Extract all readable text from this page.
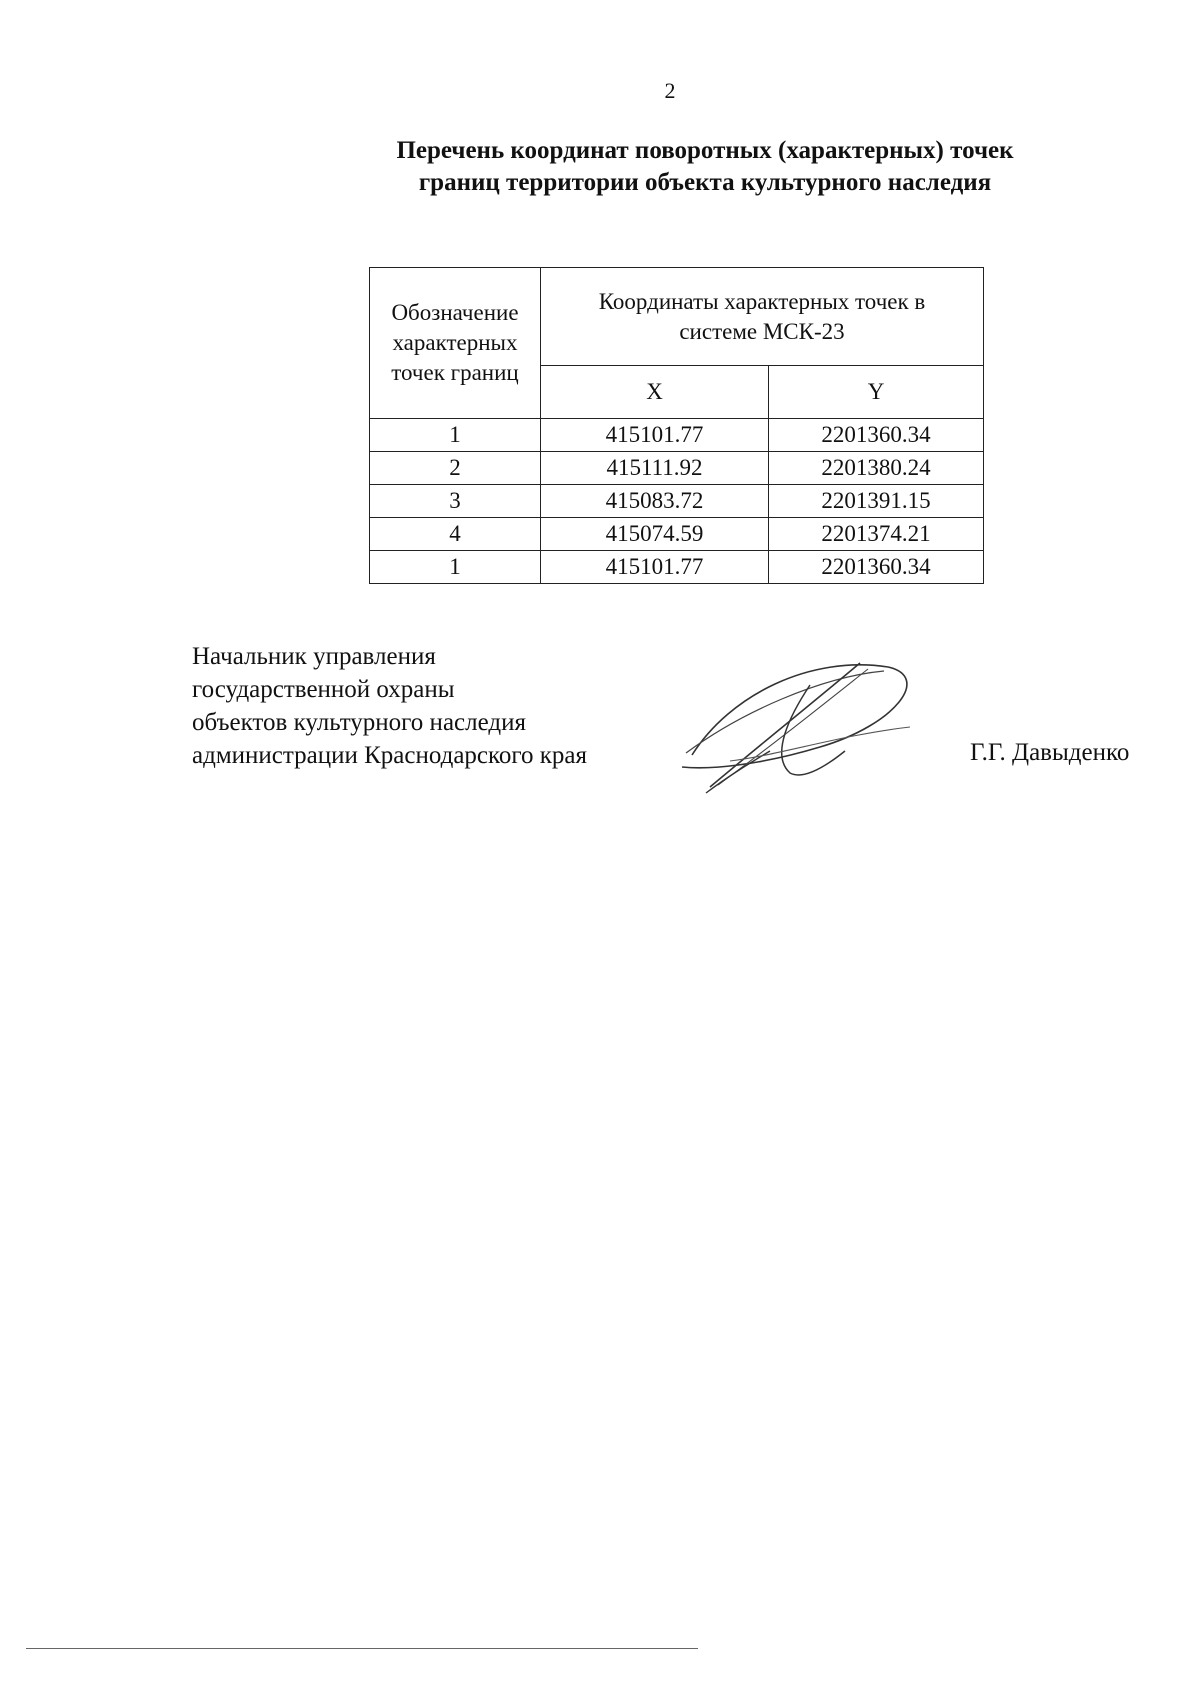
2
Перечень координат поворотных (характерных) точек
границ территории объекта культурного наследия
Обозначение
характерных
точек границ	Координаты характерных точек в
системе МСК-23	

	X	Y
1	415101.77	2201360.34
2	415111.92	2201380.24
3	415083.72	2201391.15
4	415074.59	2201374.21
1	415101.77	2201360.34
Начальник управления
государственной охраны
объектов культурного наследия
администрации Краснодарского края	Г.Г. Давыденко
